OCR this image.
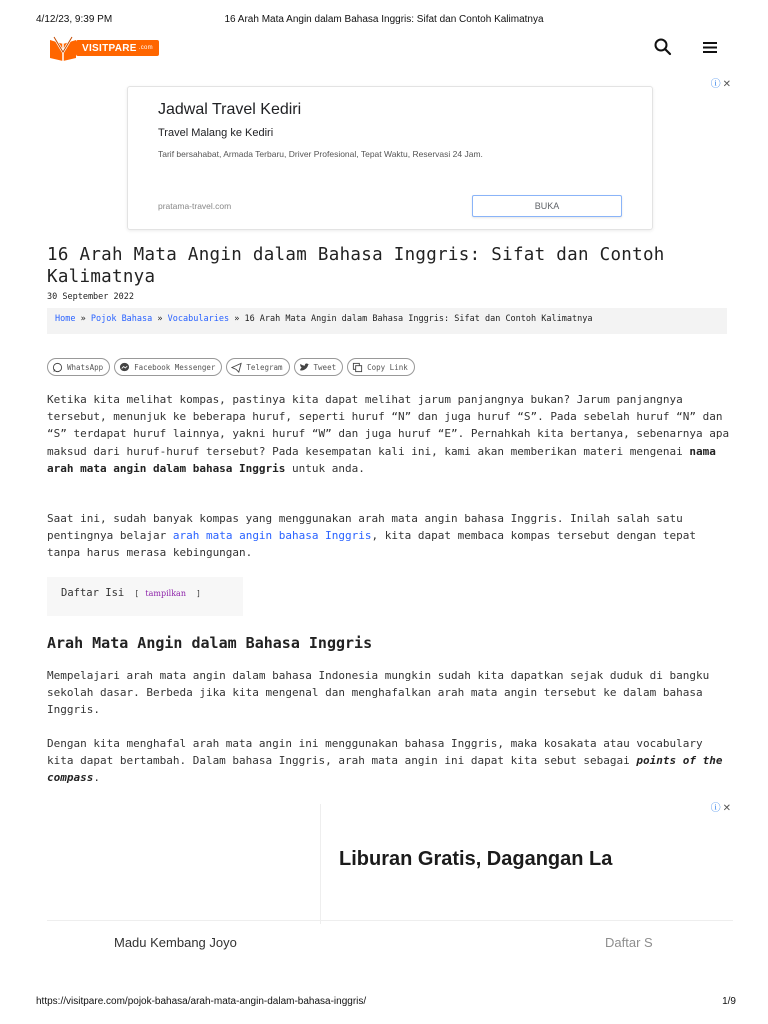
4/12/23, 9:39 PM	16 Arah Mata Angin dalam Bahasa Inggris: Sifat dan Contoh Kalimatnya
VISITPARE .com
ⓘ ✕
Jadwal Travel Kediri
Travel Malang ke Kediri
Tarif bersahabat, Armada Terbaru, Driver Profesional, Tepat Waktu, Reservasi 24 Jam.
pratama-travel.com	BUKA
16 Arah Mata Angin dalam Bahasa Inggris: Sifat dan Contoh Kalimatnya
30 September 2022
Home » Pojok Bahasa » Vocabularies » 16 Arah Mata Angin dalam Bahasa Inggris: Sifat dan Contoh Kalimatnya
WhatsApp	Facebook Messenger	Telegram	Tweet	Copy Link

Ketika kita melihat kompas, pastinya kita dapat melihat jarum panjangnya bukan? Jarum panjangnya tersebut, menunjuk ke beberapa huruf, seperti huruf “N” dan juga huruf “S”. Pada sebelah huruf “N” dan “S” terdapat huruf lainnya, yakni huruf “W” dan juga huruf “E”. Pernahkah kita bertanya, sebenarnya apa maksud dari huruf-huruf tersebut? Pada kesempatan kali ini, kami akan memberikan materi mengenai nama arah mata angin dalam bahasa Inggris untuk anda.

Saat ini, sudah banyak kompas yang menggunakan arah mata angin bahasa Inggris. Inilah salah satu pentingnya belajar arah mata angin bahasa Inggris, kita dapat membaca kompas tersebut dengan tepat tanpa harus merasa kebingungan.

Daftar Isi [ tampilkan ]
Arah Mata Angin dalam Bahasa Inggris

Mempelajari arah mata angin dalam bahasa Indonesia mungkin sudah kita dapatkan sejak duduk di bangku sekolah dasar. Berbeda jika kita mengenal dan menghafalkan arah mata angin tersebut ke dalam bahasa Inggris.

Dengan kita menghafal arah mata angin ini menggunakan bahasa Inggris, maka kosakata atau vocabulary kita dapat bertambah. Dalam bahasa Inggris, arah mata angin ini dapat kita sebut sebagai points of the compass.

ⓘ ✕
Liburan Gratis, Dagangan La
Madu Kembang Joyo	Daftar S
https://visitpare.com/pojok-bahasa/arah-mata-angin-dalam-bahasa-inggris/	1/9
